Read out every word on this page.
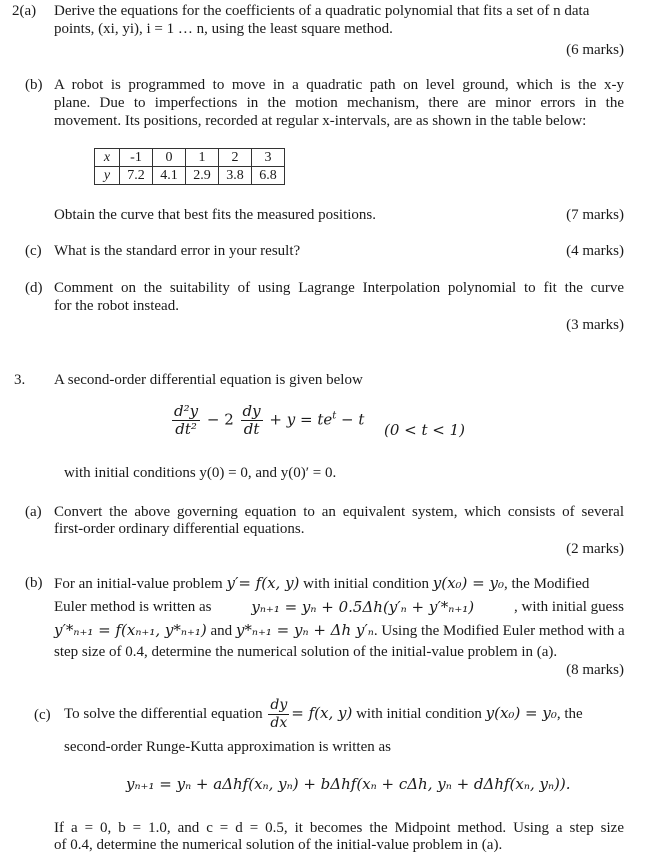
2(a) Derive the equations for the coefficients of a quadratic polynomial that fits a set of n data
points, (xi, yi), i = 1 … n, using the least square method.
(6 marks)
(b) A robot is programmed to move in a quadratic path on level ground, which is the x-y
plane. Due to imperfections in the motion mechanism, there are minor errors in the
movement. Its positions, recorded at regular x-intervals, are as shown in the table below:
x	-1	0	1	2	3
y	7.2	4.1	2.9	3.8	6.8
Obtain the curve that best fits the measured positions.	(7 marks)
(c) What is the standard error in your result?	(4 marks)
(d) Comment on the suitability of using Lagrange Interpolation polynomial to fit the curve
for the robot instead.
(3 marks)
3. A second-order differential equation is given below
$\frac{\text{d²y}}{\text{dt²}} - 2 \frac{dy}{dt} + y = te^t - t$
(0 < t < 1)
with initial conditions y(0) = 0, and y(0)′ = 0.
(a) Convert the above governing equation to an equivalent system, which consists of several
first-order ordinary differential equations.
(2 marks)
(b) For an initial-value problem y′= f(x, y) with initial condition y(x₀) = y₀, the Modified
Euler method is written as	yₙ₊₁ = yₙ + 0.5Δh(y′ₙ + y′*ₙ₊₁)	, with initial guess
y′*ₙ₊₁ = f(xₙ₊₁, y*ₙ₊₁) and y*ₙ₊₁ = yₙ + Δh y′ₙ. Using the Modified Euler method with a
step size of 0.4, determine the numerical solution of the initial-value problem in (a).
(8 marks)
(c) To solve the differential equation $\frac{dy}{dx} = f(x$, y) with initial condition y(x₀) = y₀, the
second-order Runge-Kutta approximation is written as
yₙ₊₁ = yₙ + aΔhf(xₙ, yₙ) + bΔhf(xₙ + cΔh, yₙ + dΔhf(xₙ, yₙ)).
If a = 0, b = 1.0, and c = d = 0.5, it becomes the Midpoint method. Using a step size
of 0.4, determine the numerical solution of the initial-value problem in (a).
